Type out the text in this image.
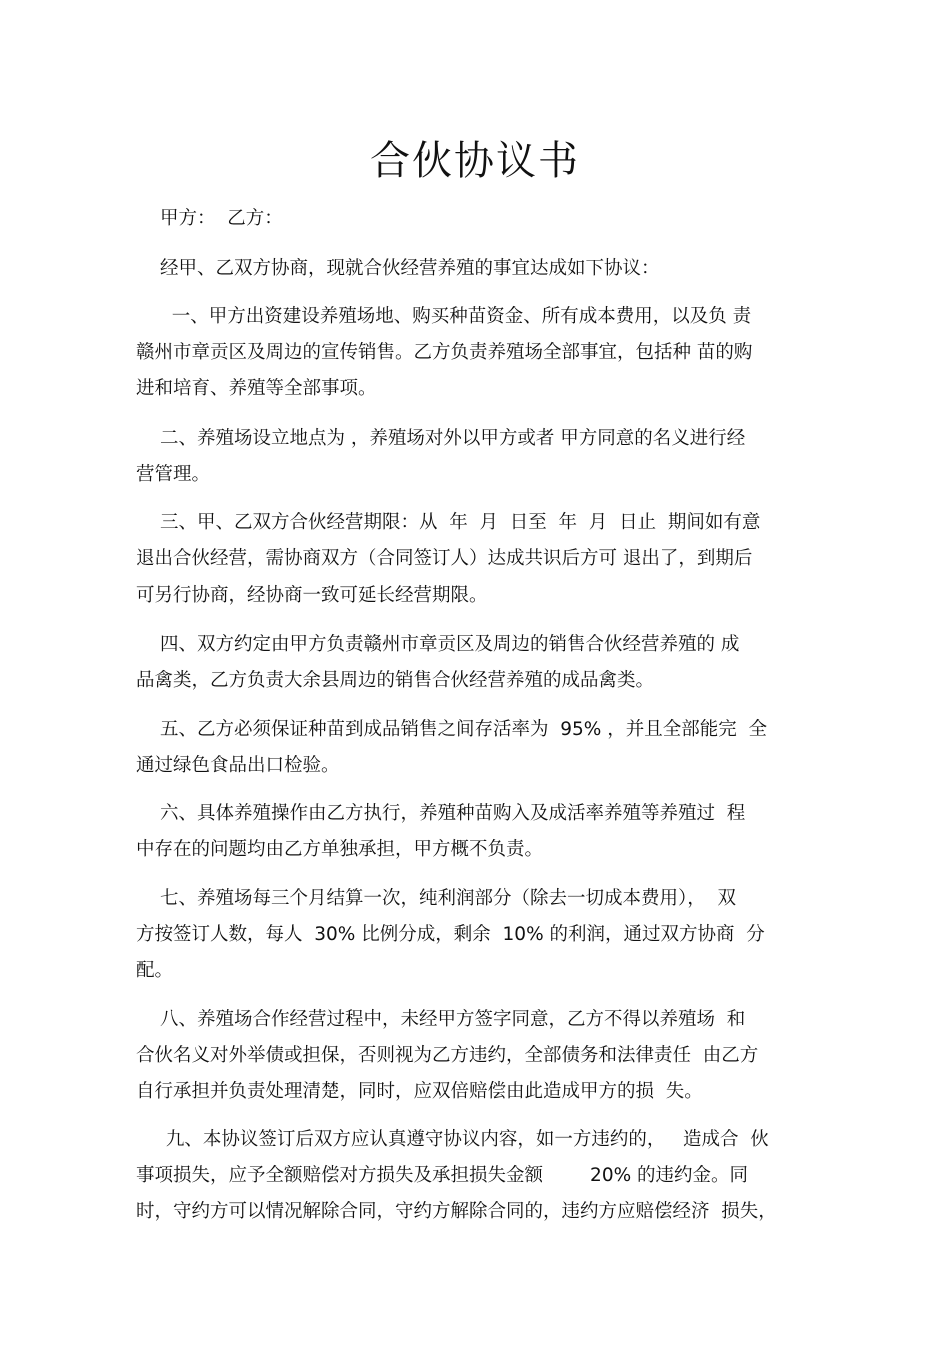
合伙协议书
甲方：  乙方：
经甲、乙双方协商，现就合伙经营养殖的事宜达成如下协议：
一、甲方出资建设养殖场地、购买种苗资金、所有成本费用，以及负 责
赣州市章贡区及周边的宣传销售。乙方负责养殖场全部事宜，包括种 苗的购
进和培育、养殖等全部事项。
二、养殖场设立地点为 ，养殖场对外以甲方或者 甲方同意的名义进行经
营管理。
三、甲、乙双方合伙经营期限：从  年  月  日至  年  月  日止  期间如有意
退出合伙经营，需协商双方（合同签订人）达成共识后方可 退出了，到期后
可另行协商，经协商一致可延长经营期限。
四、双方约定由甲方负责赣州市章贡区及周边的销售合伙经营养殖的 成
品禽类，乙方负责大余县周边的销售合伙经营养殖的成品禽类。
五、乙方必须保证种苗到成品销售之间存活率为  95% ，并且全部能完  全
通过绿色食品出口检验。
六、具体养殖操作由乙方执行，养殖种苗购入及成活率养殖等养殖过  程
中存在的问题均由乙方单独承担，甲方概不负责。
七、养殖场每三个月结算一次，纯利润部分（除去一切成本费用），  双
方按签订人数，每人  30% 比例分成，剩余  10% 的利润，通过双方协商  分
配。
八、养殖场合作经营过程中，未经甲方签字同意，乙方不得以养殖场  和
合伙名义对外举债或担保，否则视为乙方违约，全部债务和法律责任  由乙方
自行承担并负责处理清楚，同时，应双倍赔偿由此造成甲方的损  失。
九、本协议签订后双方应认真遵守协议内容，如一方违约的，   造成合  伙
事项损失，应予全额赔偿对方损失及承担损失金额        20% 的违约金。同
时，守约方可以情况解除合同，守约方解除合同的，违约方应赔偿经济  损失，
